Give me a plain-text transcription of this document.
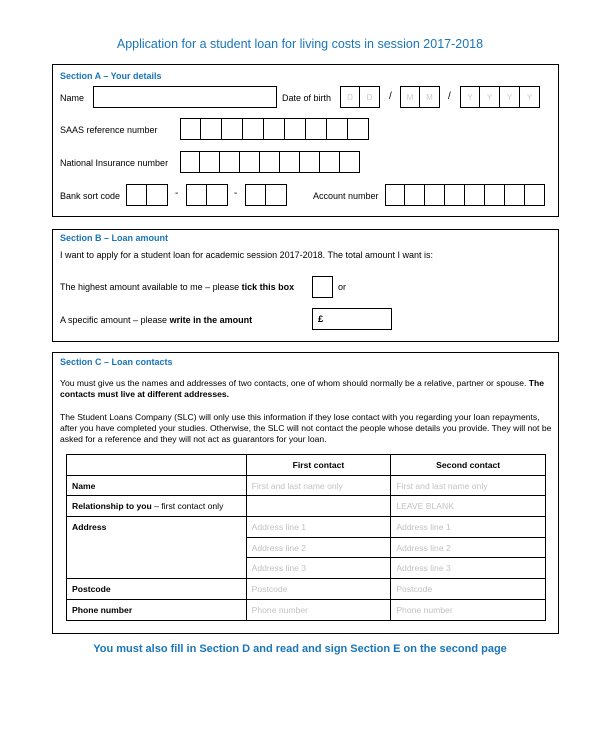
Application for a student loan for living costs in session 2017-2018
Section A – Your details
Name	Date of birth	D	D	/	M	M	/	Y	Y	Y	Y
SAAS reference number
National Insurance number
Bank sort code	-	-	Account number
Section B – Loan amount
I want to apply for a student loan for academic session 2017-2018. The total amount I want is:
The highest amount available to me – please tick this box	or
A specific amount – please write in the amount	£
Section C – Loan contacts
You must give us the names and addresses of two contacts, one of whom should normally be a relative, partner or spouse. The contacts must live at different addresses.
The Student Loans Company (SLC) will only use this information if they lose contact with you regarding your loan repayments, after you have completed your studies. Otherwise, the SLC will not contact the people whose details you provide. They will not be asked for a reference and they will not act as guarantors for your loan.
	First contact	Second contact
Name	First and last name only	First and last name only
Relationship to you – first contact only		LEAVE BLANK
Address	Address line 1	Address line 1
	Address line 2	Address line 2
	Address line 3	Address line 3
Postcode	Postcode	Postcode
Phone number	Phone number	Phone number
You must also fill in Section D and read and sign Section E on the second page
